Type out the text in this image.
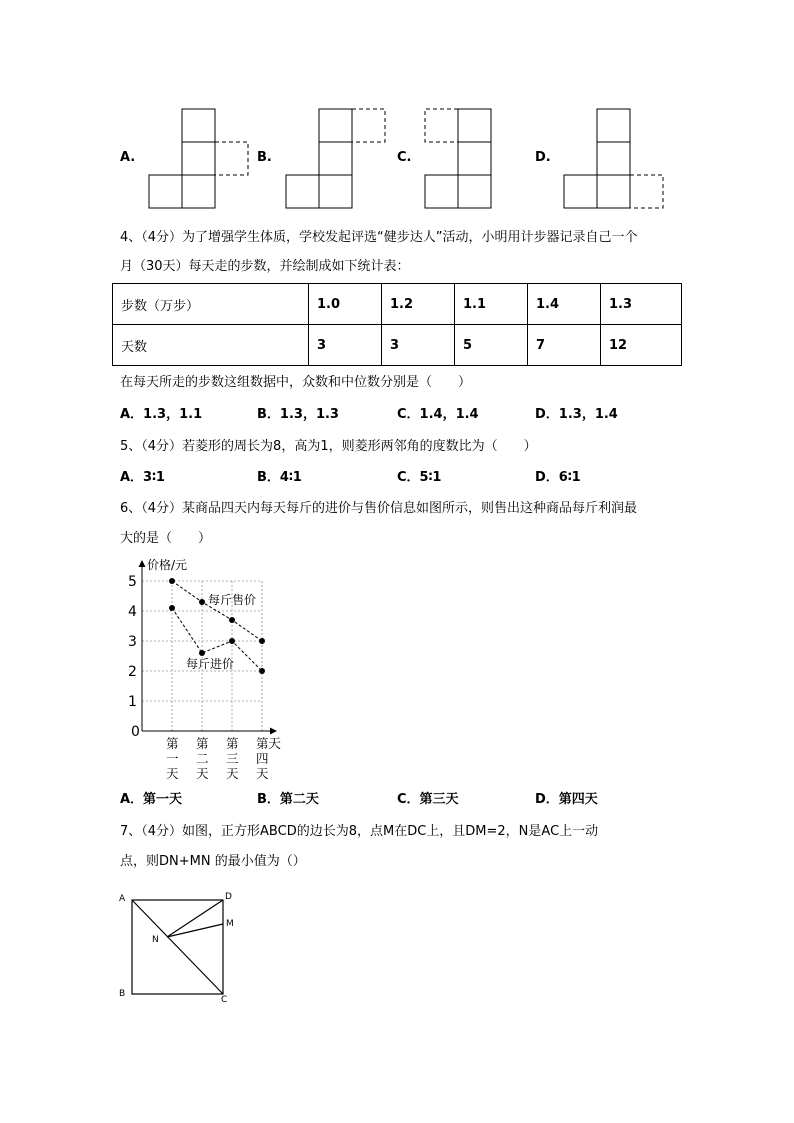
A.	B.	C.	D.
4、（4分）为了增强学生体质，学校发起评选“健步达人”活动，小明用计步器记录自己一个
月（30天）每天走的步数，并绘制成如下统计表：
步数（万步）	1.0	1.2	1.1	1.4	1.3
天数	3	3	5	7	12
在每天所走的步数这组数据中，众数和中位数分别是（　　）
A．1.3，1.1	B．1.3，1.3	C．1.4，1.4	D．1.3，1.4
5、（4分）若菱形的周长为8，高为1，则菱形两邻角的度数比为（　　）
A．3∶1	B．4∶1	C．5∶1	D．6∶1
6、（4分）某商品四天内每天每斤的进价与售价信息如图所示，则售出这种商品每斤利润最
大的是（　　）
价格/元
天
0
1
2
3
4
5
第一天
第二天
第三天
第四天
每斤售价
每斤进价
A．第一天	B．第二天	C．第三天	D．第四天
7、（4分）如图，正方形ABCD的边长为8，点M在DC上，且DM=2，N是AC上一动
点，则DN+MN 的最小值为（）
A
B
C
D
M
N
